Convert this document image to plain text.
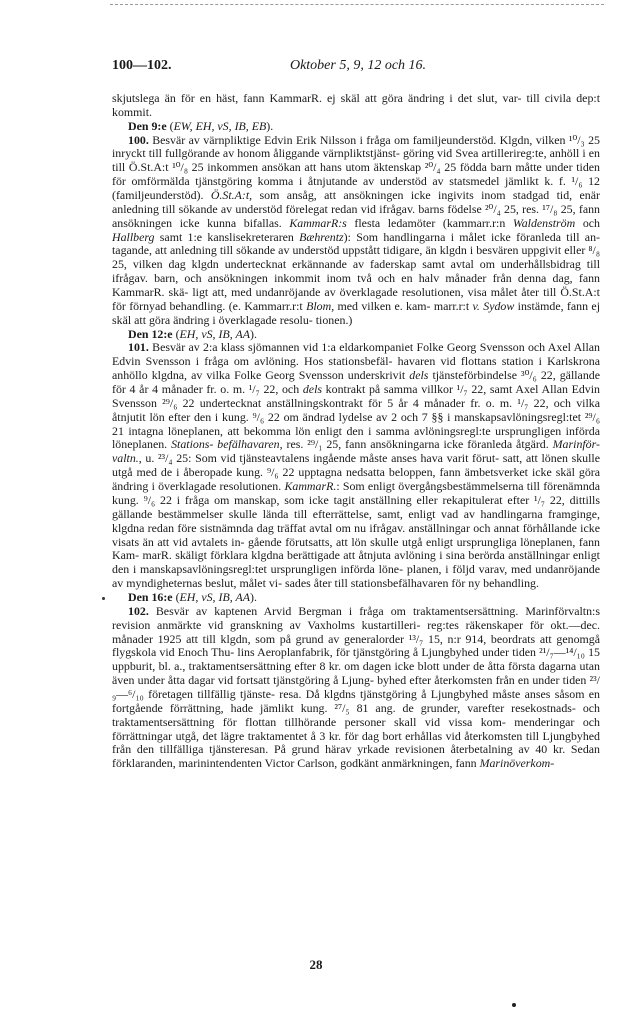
100—102.	Oktober 5, 9, 12 och 16.

skjutslega än för en häst, fann KammarR. ej skäl att göra ändring i det slut, var- till civila dep:t kommit.

Den 9:e (EW, EH, vS, IB, EB).

100. Besvär av värnpliktige Edvin Erik Nilsson i fråga om familjeunderstöd. Klgdn, vilken ¹⁰/₃ 25 inryckt till fullgörande av honom åliggande värnpliktstjänst- göring vid Svea artillerireg:te, anhöll i en till Ö.St.A:t ¹⁰/₈ 25 inkommen ansökan att hans utom äktenskap ²⁰/₄ 25 födda barn måtte under tiden för omförmälda tjänstgöring komma i åtnjutande av understöd av statsmedel jämlikt k. f. ¹/₆ 12 (familjeunderstöd). Ö.St.A:t, som ansåg, att ansökningen icke ingivits inom stadgad tid, enär anledning till sökande av understöd förelegat redan vid ifrågav. barns födelse ²⁰/₄ 25, res. ¹⁷/₈ 25, fann ansökningen icke kunna bifallas. KammarR:s flesta ledamöter (kammarr.r:n Waldenström och Hallberg samt 1:e kanslisekreteraren Bæhrentz): Som handlingarna i målet icke föranleda till an- tagande, att anledning till sökande av understöd uppstått tidigare, än klgdn i besvären uppgivit eller ⁸/₈ 25, vilken dag klgdn undertecknat erkännande av faderskap samt avtal om underhållsbidrag till ifrågav. barn, och ansökningen inkommit inom två och en halv månader från denna dag, fann KammarR. skä- ligt att, med undanröjande av överklagade resolutionen, visa målet åter till Ö.St.A:t för förnyad behandling. (e. Kammarr.r:t Blom, med vilken e. kam- marr.r:t v. Sydow instämde, fann ej skäl att göra ändring i överklagade resolu- tionen.)

Den 12:e (EH, vS, IB, AA).

101. Besvär av 2:a klass sjömannen vid 1:a eldarkompaniet Folke Georg Svensson och Axel Allan Edvin Svensson i fråga om avlöning. Hos stationsbefäl- havaren vid flottans station i Karlskrona anhöllo klgdna, av vilka Folke Georg Svensson underskrivit dels tjänsteförbindelse ³⁰/₆ 22, gällande för 4 år 4 månader fr. o. m. ¹/₇ 22, och dels kontrakt på samma villkor ¹/₇ 22, samt Axel Allan Edvin Svensson ²⁹/₆ 22 undertecknat anställningskontrakt för 5 år 4 månader fr. o. m. ¹/₇ 22, och vilka åtnjutit lön efter den i kung. ⁹/₆ 22 om ändrad lydelse av 2 och 7 §§ i manskapsavlöningsregl:tet ²⁹/₆ 21 intagna löneplanen, att bekomma lön enligt den i samma avlöningsregl:te ursprungligen införda löneplanen. Stations- befälhavaren, res. ²⁹/₁ 25, fann ansökningarna icke föranleda åtgärd. Marinför- valtn., u. ²³/₄ 25: Som vid tjänsteavtalens ingående måste anses hava varit förut- satt, att lönen skulle utgå med de i åberopade kung. ⁹/₆ 22 upptagna nedsatta beloppen, fann ämbetsverket icke skäl göra ändring i överklagade resolutionen. KammarR.: Som enligt övergångsbestämmelserna till förenämnda kung. ⁹/₆ 22 i fråga om manskap, som icke tagit anställning eller rekapitulerat efter ¹/₇ 22, dittills gällande bestämmelser skulle lända till efterrättelse, samt, enligt vad av handlingarna framginge, klgdna redan före sistnämnda dag träffat avtal om nu ifrågav. anställningar och annat förhållande icke visats än att vid avtalets in- gående förutsatts, att lön skulle utgå enligt ursprungliga löneplanen, fann Kam- marR. skäligt förklara klgdna berättigade att åtnjuta avlöning i sina berörda anställningar enligt den i manskapsavlöningsregl:tet ursprungligen införda löne- planen, i följd varav, med undanröjande av myndigheternas beslut, målet vi- sades åter till stationsbefälhavaren för ny behandling.

Den 16:e (EH, vS, IB, AA).

102. Besvär av kaptenen Arvid Bergman i fråga om traktamentsersättning. Marinförvaltn:s revision anmärkte vid granskning av Vaxholms kustartilleri- reg:tes räkenskaper för okt.—dec. månader 1925 att till klgdn, som på grund av generalorder ¹³/₇ 15, n:r 914, beordrats att genomgå flygskola vid Enoch Thu- lins Aeroplanfabrik, för tjänstgöring å Ljungbyhed under tiden ²¹/₇—¹⁴/₁₀ 15 uppburit, bl. a., traktamentsersättning efter 8 kr. om dagen icke blott under de åtta första dagarna utan även under åtta dagar vid fortsatt tjänstgöring å Ljung- byhed efter återkomsten från en under tiden ²³/₉—⁶/₁₀ företagen tillfällig tjänste- resa. Då klgdns tjänstgöring å Ljungbyhed måste anses såsom en fortgående förrättning, hade jämlikt kung. ²⁷/₅ 81 ang. de grunder, varefter resekostnads- och traktamentsersättning för flottan tillhörande personer skall vid vissa kom- menderingar och förrättningar utgå, det lägre traktamentet å 3 kr. för dag bort erhållas vid återkomsten till Ljungbyhed från den tillfälliga tjänsteresan. På grund härav yrkade revisionen återbetalning av 40 kr. Sedan förklaranden, marinintendenten Victor Carlson, godkänt anmärkningen, fann Marinöverkom-

28
